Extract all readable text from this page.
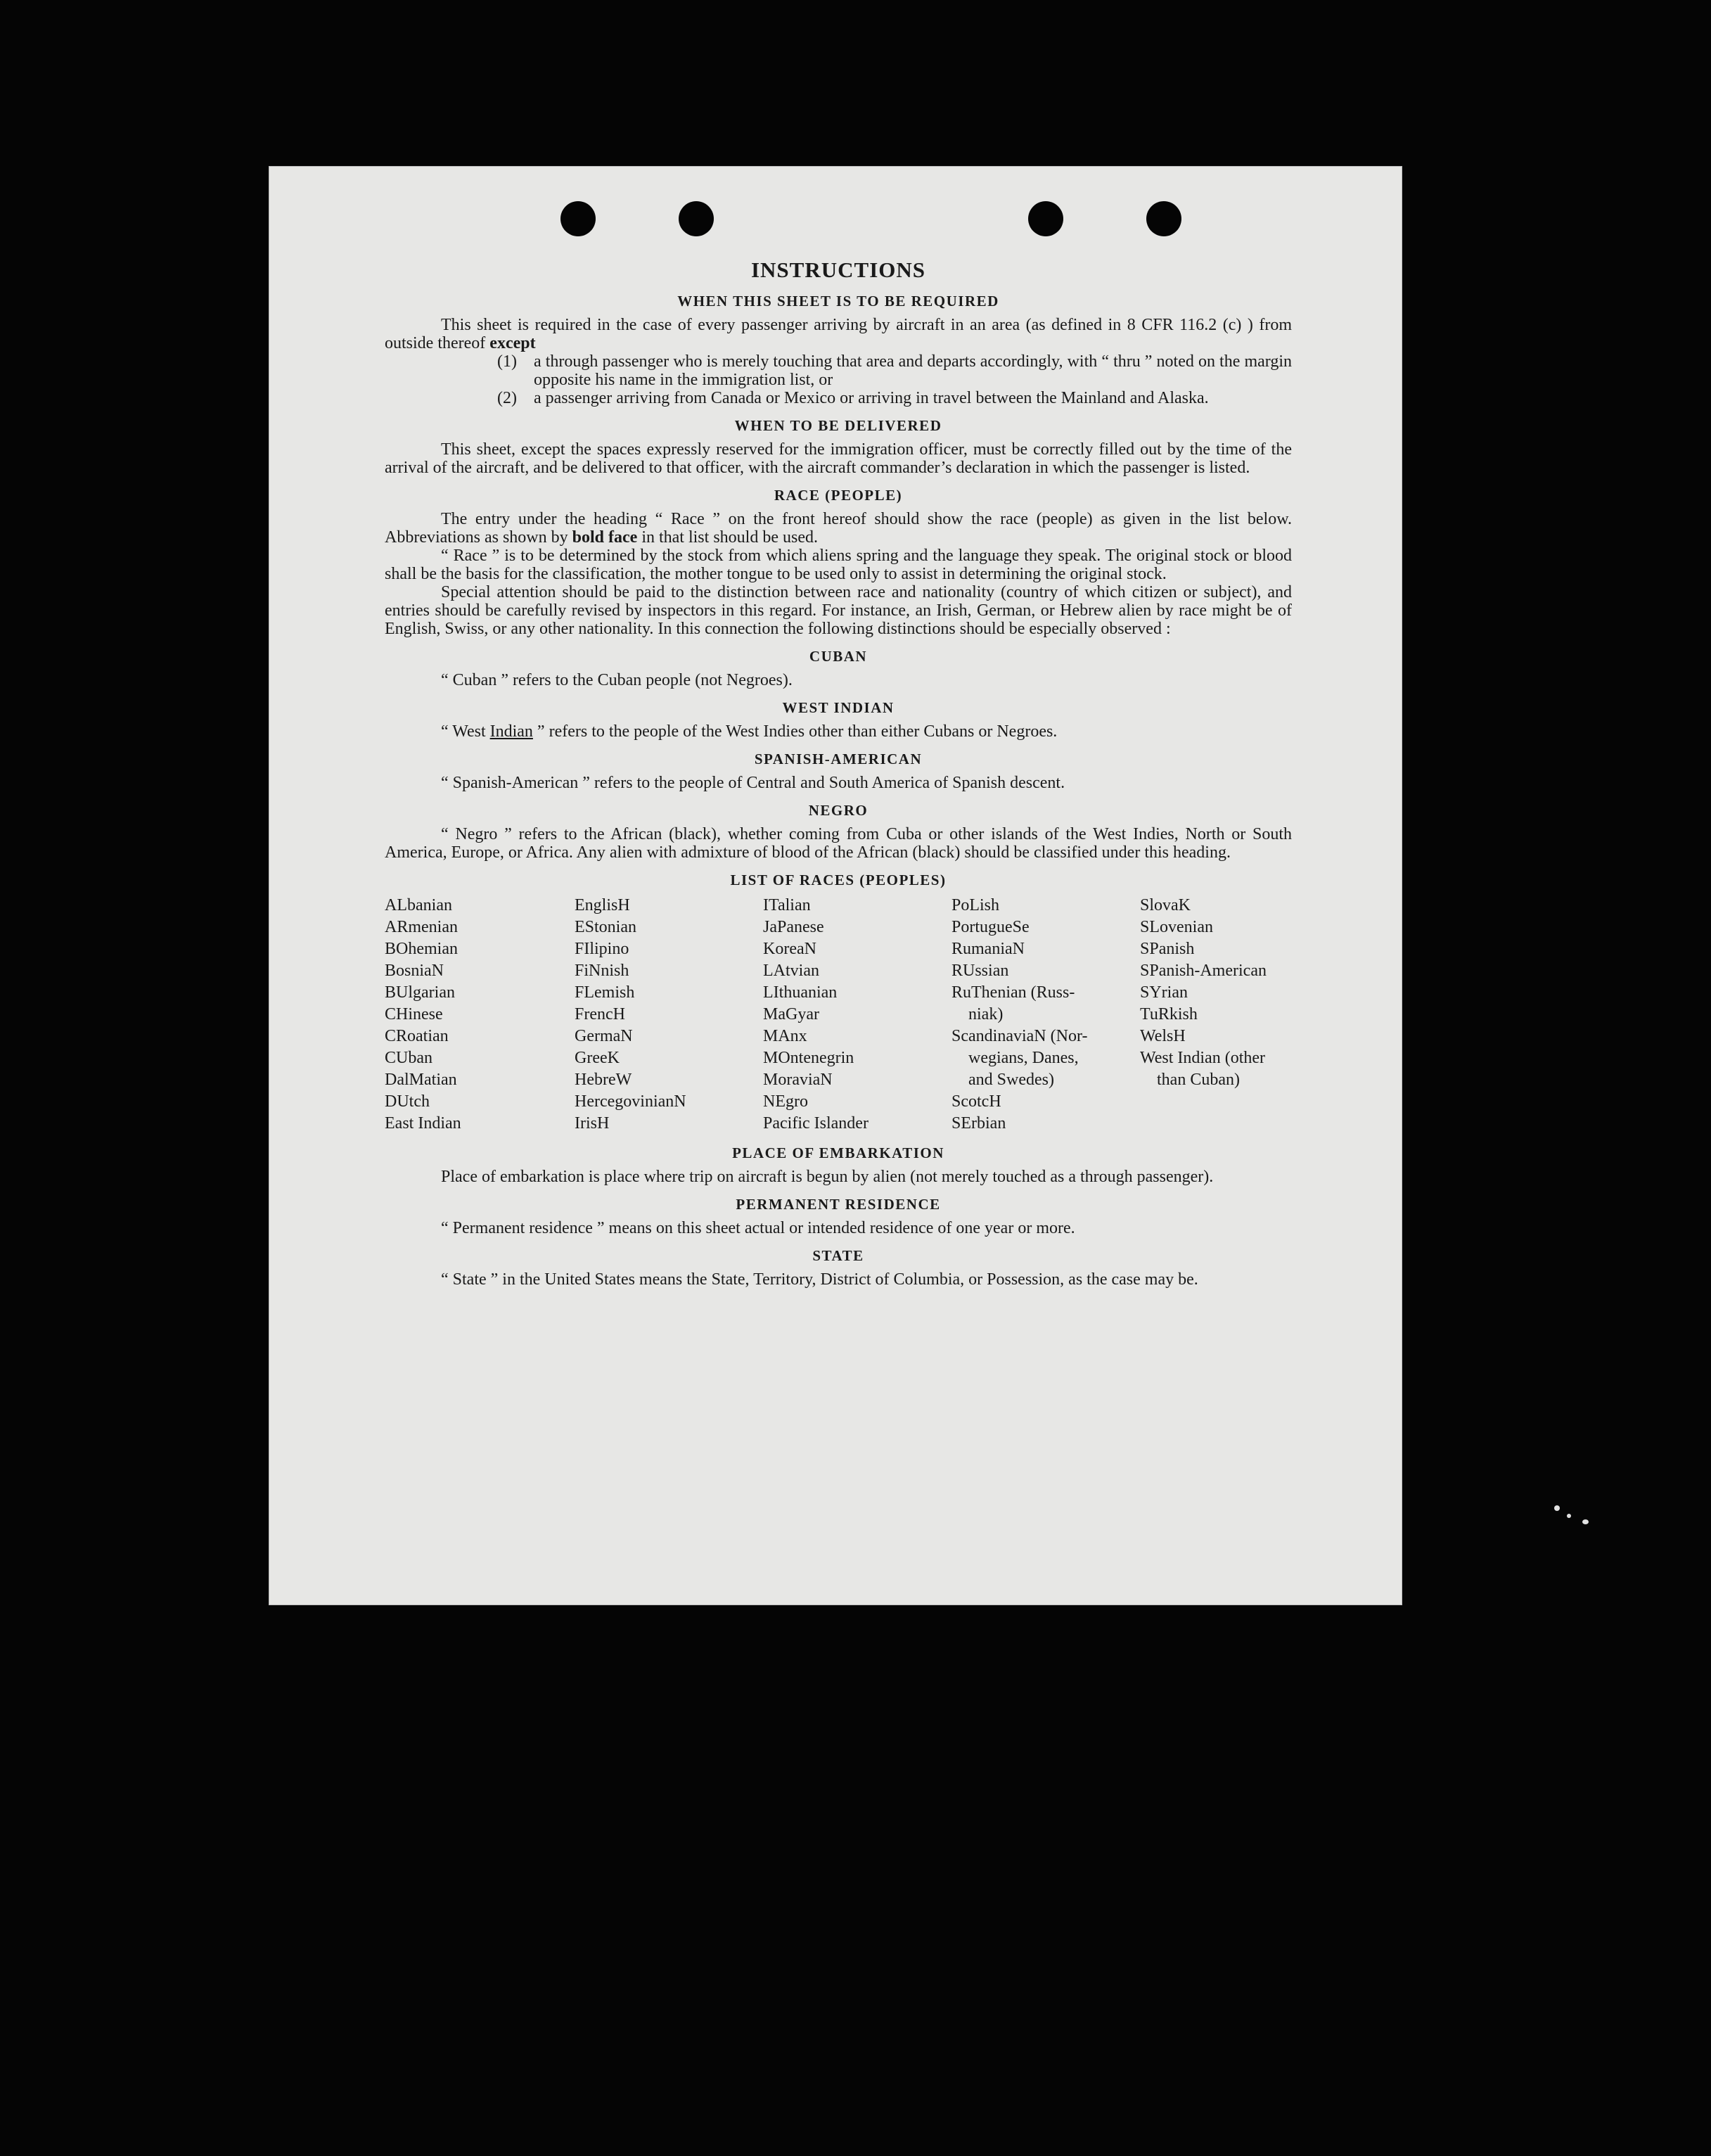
INSTRUCTIONS
WHEN THIS SHEET IS TO BE REQUIRED

This sheet is required in the case of every passenger arriving by aircraft in an area (as defined in 8 CFR 116.2 (c) ) from outside thereof except

(1)	a through passenger who is merely touching that area and departs accordingly, with “ thru ” noted on the margin opposite his name in the immigration list, or
(2)	a passenger arriving from Canada or Mexico or arriving in travel between the Mainland and Alaska.
WHEN TO BE DELIVERED

This sheet, except the spaces expressly reserved for the immigration officer, must be correctly filled out by the time of the arrival of the aircraft, and be delivered to that officer, with the aircraft commander’s declaration in which the passenger is listed.

RACE (PEOPLE)

The entry under the heading “ Race ” on the front hereof should show the race (people) as given in the list below. Abbreviations as shown by bold face in that list should be used.

“ Race ” is to be determined by the stock from which aliens spring and the language they speak. The original stock or blood shall be the basis for the classification, the mother tongue to be used only to assist in determining the original stock.

Special attention should be paid to the distinction between race and nationality (country of which citizen or subject), and entries should be carefully revised by inspectors in this regard. For instance, an Irish, German, or Hebrew alien by race might be of English, Swiss, or any other nationality. In this connection the following distinctions should be especially observed :

CUBAN

“ Cuban ” refers to the Cuban people (not Negroes).

WEST INDIAN

“ West Indian ” refers to the people of the West Indies other than either Cubans or Negroes.

SPANISH-AMERICAN

“ Spanish-American ” refers to the people of Central and South America of Spanish descent.

NEGRO

“ Negro ” refers to the African (black), whether coming from Cuba or other islands of the West Indies, North or South America, Europe, or Africa. Any alien with admixture of blood of the African (black) should be classified under this heading.

LIST OF RACES (PEOPLES)
ALbanian
ARmenian
BOhemian
BosniaN
BUlgarian
CHinese
CRoatian
CUban
DalMatian
DUtch
East Indian
EnglisH
EStonian
FIlipino
FiNnish
FLemish
FrencH
GermaN
GreeK
HebreW
HercegovinianN
IrisH
ITalian
JaPanese
KoreaN
LAtvian
LIthuanian
MaGyar
MAnx
MOntenegrin
MoraviaN
NEgro
Pacific Islander
PoLish
PortugueSe
RumaniaN
RUssian
RuThenian (Russ-
niak)
ScandinaviaN (Nor-
wegians, Danes,
and Swedes)
ScotcH
SErbian
SlovaK
SLovenian
SPanish
SPanish-American
SYrian
TuRkish
WelsH
West Indian (other
than Cuban)
PLACE OF EMBARKATION

Place of embarkation is place where trip on aircraft is begun by alien (not merely touched as a through passenger).

PERMANENT RESIDENCE

“ Permanent residence ” means on this sheet actual or intended residence of one year or more.

STATE

“ State ” in the United States means the State, Territory, District of Columbia, or Possession, as the case may be.
